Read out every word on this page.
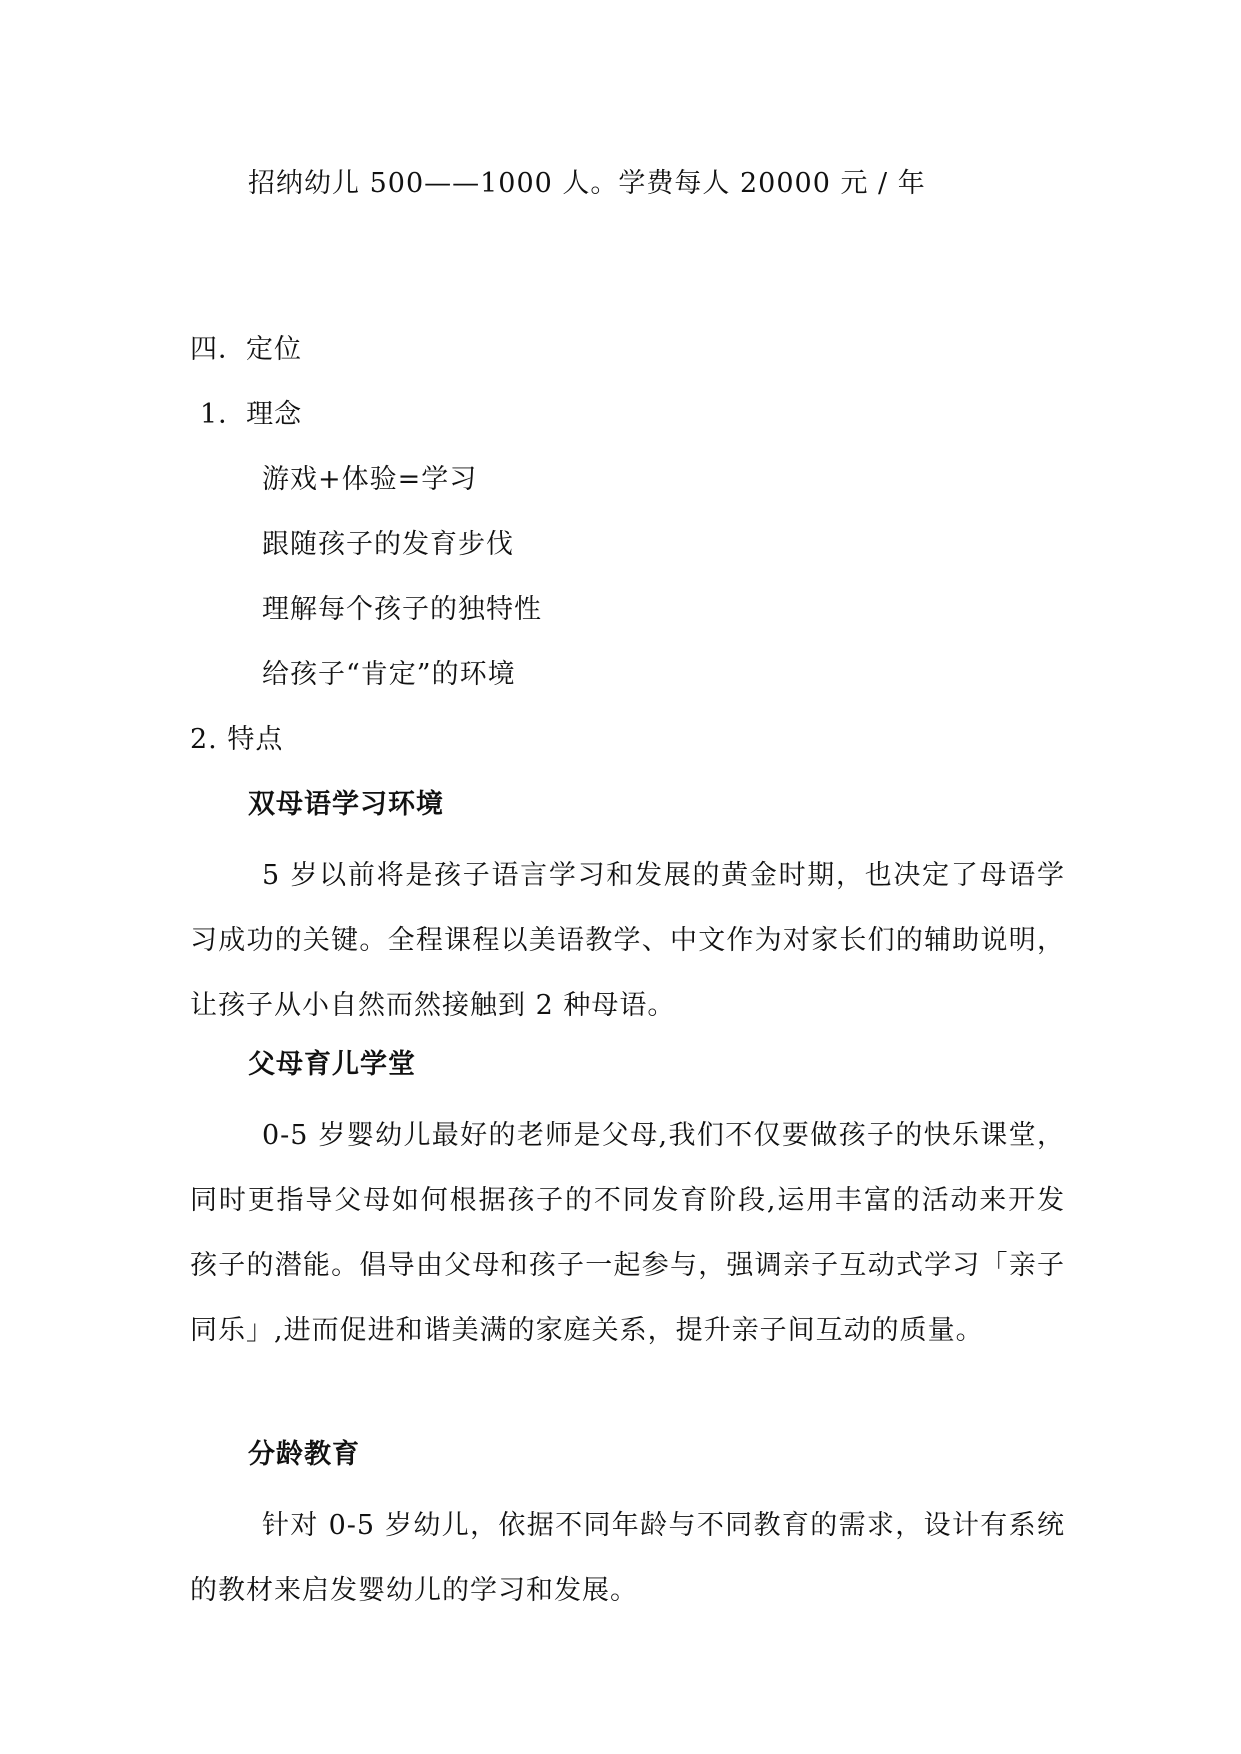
招纳幼儿 500——1000 人。学费每人 20000 元 / 年
四．定位
1．理念
游戏+体验=学习
跟随孩子的发育步伐
理解每个孩子的独特性
给孩子“肯定”的环境
2. 特点
双母语学习环境
5 岁以前将是孩子语言学习和发展的黄金时期，也决定了母语学习成功的关键。全程课程以美语教学、中文作为对家长们的辅助说明，让孩子从小自然而然接触到 2 种母语。
父母育儿学堂
0-5 岁婴幼儿最好的老师是父母,我们不仅要做孩子的快乐课堂，同时更指导父母如何根据孩子的不同发育阶段,运用丰富的活动来开发孩子的潜能。倡导由父母和孩子一起参与，强调亲子互动式学习「亲子同乐」,进而促进和谐美满的家庭关系，提升亲子间互动的质量。
分龄教育
针对 0-5 岁幼儿，依据不同年龄与不同教育的需求，设计有系统的教材来启发婴幼儿的学习和发展。
